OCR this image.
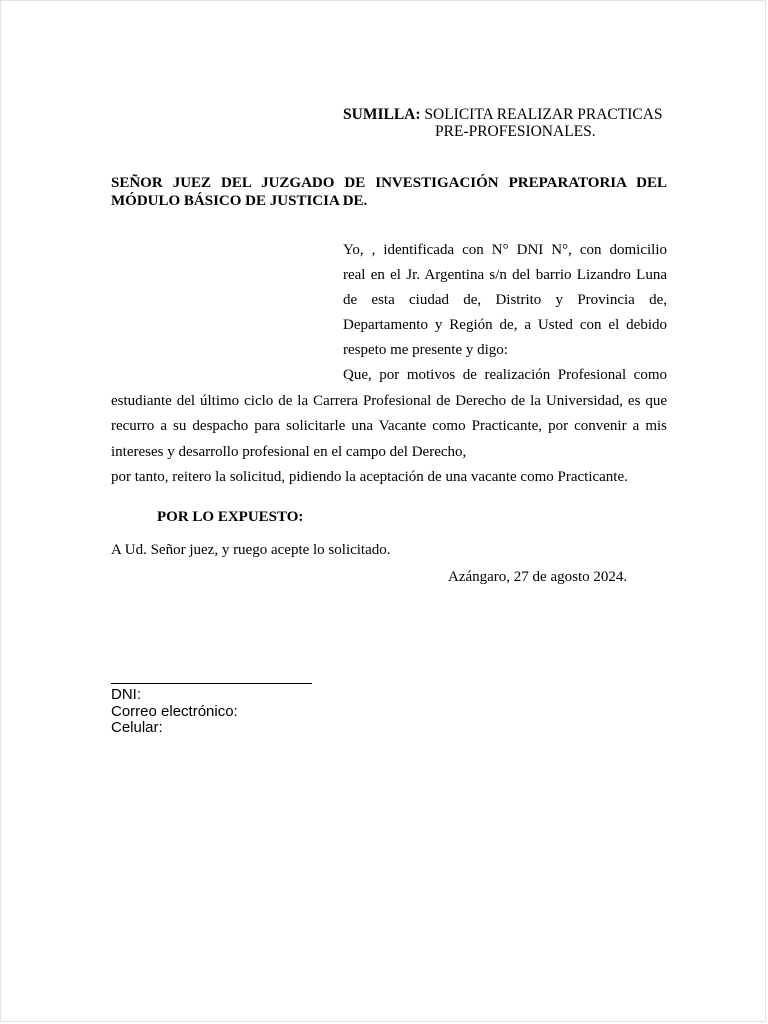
SUMILLA: SOLICITA REALIZAR PRACTICAS
PRE-PROFESIONALES.
SEÑOR JUEZ DEL JUZGADO DE INVESTIGACIÓN PREPARATORIA DEL
MÓDULO BÁSICO DE JUSTICIA DE.
Yo, , identificada con N° DNI N°, con domicilio
real en el Jr. Argentina s/n del barrio Lizandro Luna
de esta ciudad de, Distrito y Provincia de,
Departamento y Región de, a Usted con el debido
respeto me presente y digo:
Que, por motivos de realización Profesional como
estudiante del último ciclo de la Carrera Profesional de Derecho de la Universidad, es que
recurro a su despacho para solicitarle una Vacante como Practicante, por convenir a mis
intereses y desarrollo profesional en el campo del Derecho,
por tanto, reitero la solicitud, pidiendo la aceptación de una vacante como Practicante.
POR LO EXPUESTO:
A Ud. Señor juez, y ruego acepte lo solicitado.
Azángaro, 27 de agosto 2024.
DNI:
Correo electrónico:
Celular:
